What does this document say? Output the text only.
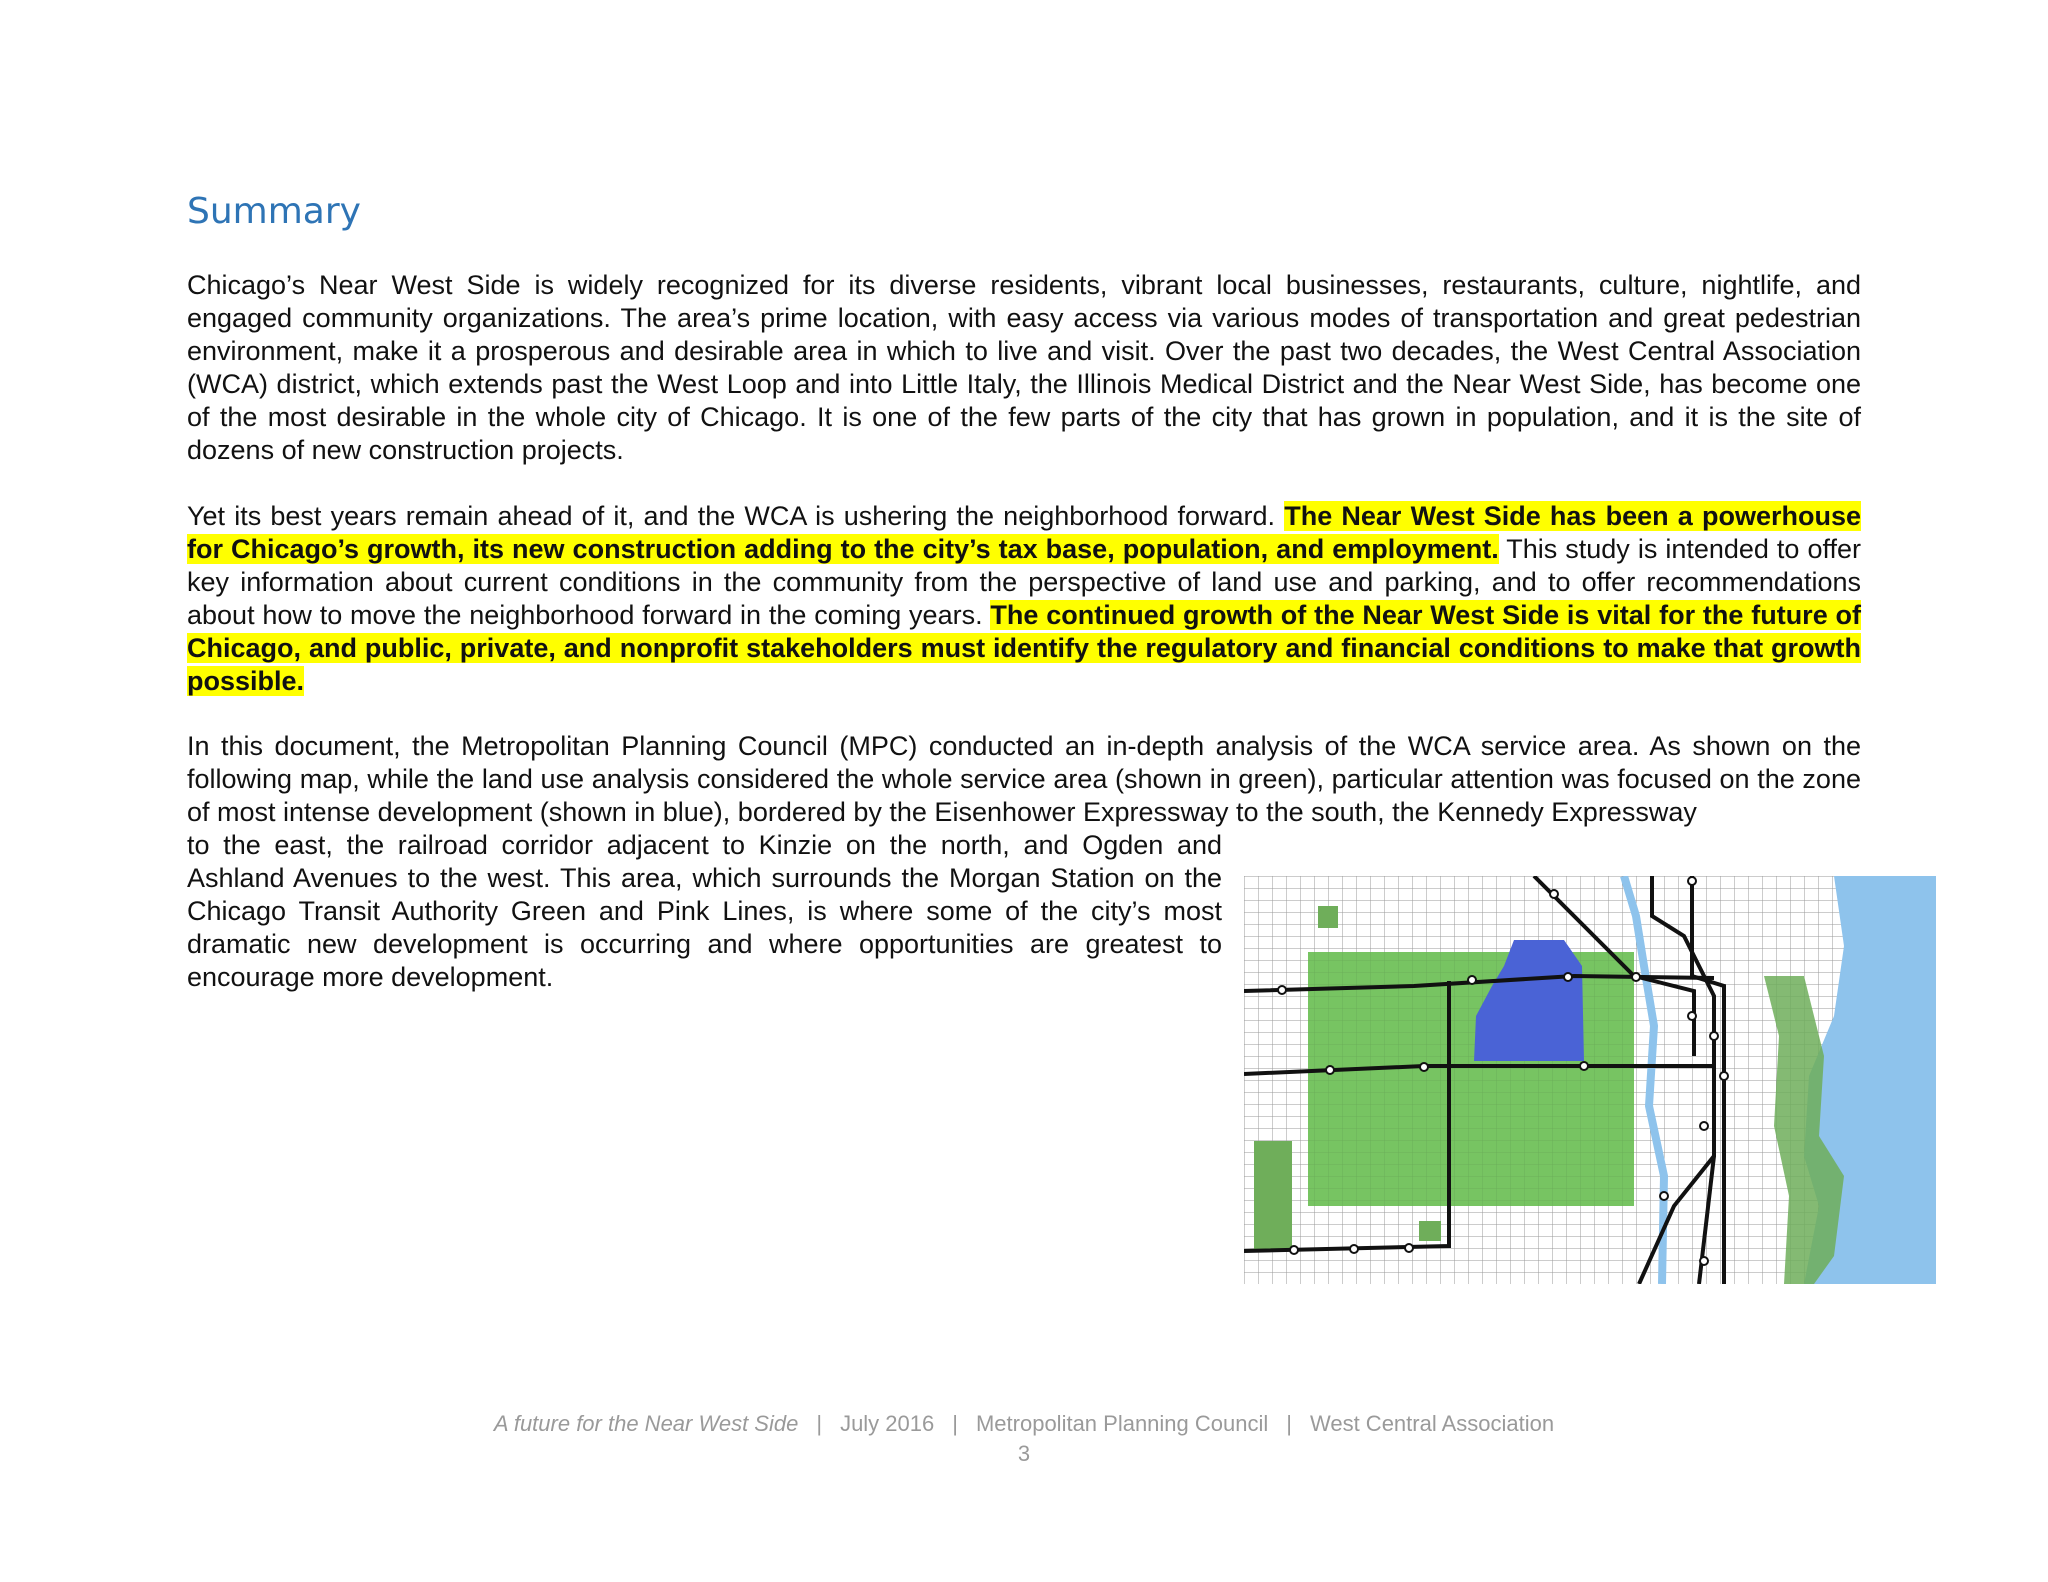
Summary

Chicago’s Near West Side is widely recognized for its diverse residents, vibrant local businesses, restaurants, culture, nightlife, and engaged community organizations. The area’s prime location, with easy access via various modes of transportation and great pedestrian environment, make it a prosperous and desirable area in which to live and visit. Over the past two decades, the West Central Association (WCA) district, which extends past the West Loop and into Little Italy, the Illinois Medical District and the Near West Side, has become one of the most desirable in the whole city of Chicago. It is one of the few parts of the city that has grown in population, and it is the site of dozens of new construction projects.

Yet its best years remain ahead of it, and the WCA is ushering the neighborhood forward. The Near West Side has been a powerhouse for Chicago’s growth, its new construction adding to the city’s tax base, population, and employment. This study is intended to offer key information about current conditions in the community from the perspective of land use and parking, and to offer recommendations about how to move the neighborhood forward in the coming years. The continued growth of the Near West Side is vital for the future of Chicago, and public, private, and nonprofit stakeholders must identify the regulatory and financial conditions to make that growth possible.

In this document, the Metropolitan Planning Council (MPC) conducted an in-depth analysis of the WCA service area. As shown on the following map, while the land use analysis considered the whole service area (shown in green), particular attention was focused on the zone of most intense development (shown in blue), bordered by the Eisenhower Expressway to the south, the Kennedy Expressway

to the east, the railroad corridor adjacent to Kinzie on the north, and Ogden and Ashland Avenues to the west. This area, which surrounds the Morgan Station on the Chicago Transit Authority Green and Pink Lines, is where some of the city’s most dramatic new development is occurring and where opportunities are greatest to encourage more development.

A future for the Near West Side | July 2016 | Metropolitan Planning Council | West Central Association
3
